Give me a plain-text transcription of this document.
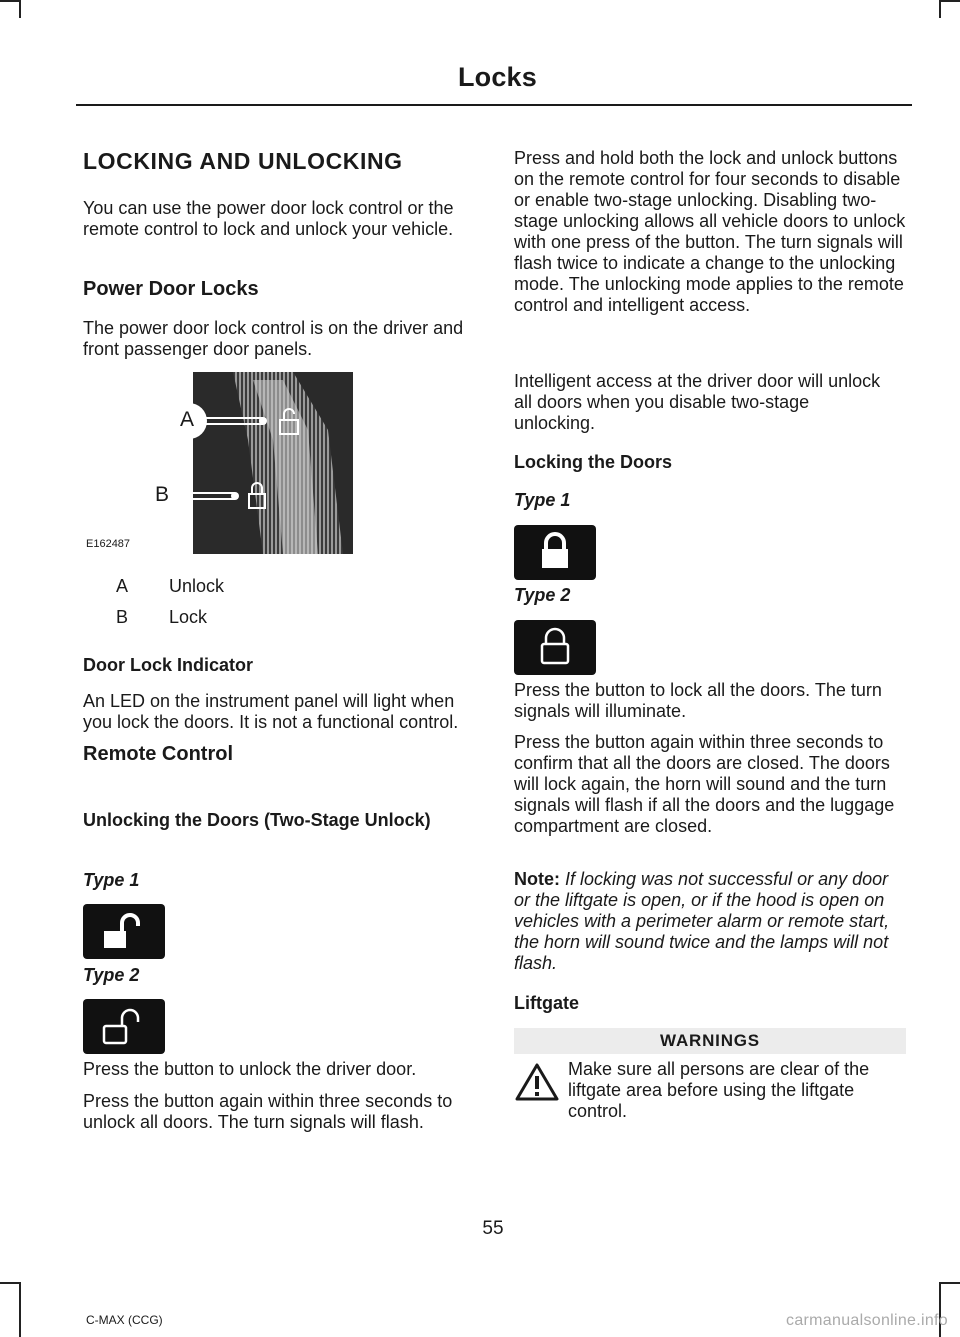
Locks
LOCKING AND UNLOCKING

You can use the power door lock control or the remote control to lock and unlock your vehicle.

Power Door Locks

The power door lock control is on the driver and front passenger door panels.

A
B
E162487
A Unlock
B Lock
Door Lock Indicator

An LED on the instrument panel will light when you lock the doors. It is not a functional control.

Remote Control
Unlocking the Doors (Two-Stage Unlock)
Type 1
Type 2

Press the button to unlock the driver door.

Press the button again within three seconds to unlock all doors. The turn signals will flash.

Press and hold both the lock and unlock buttons on the remote control for four seconds to disable or enable two-stage unlocking. Disabling two-stage unlocking allows all vehicle doors to unlock with one press of the button. The turn signals will flash twice to indicate a change to the unlocking mode. The unlocking mode applies to the remote control and intelligent access.

Intelligent access at the driver door will unlock all doors when you disable two-stage unlocking.

Locking the Doors
Type 1
Type 2

Press the button to lock all the doors. The turn signals will illuminate.

Press the button again within three seconds to confirm that all the doors are closed. The doors will lock again, the horn will sound and the turn signals will flash if all the doors and the luggage compartment are closed.

Note: If locking was not successful or any door or the liftgate is open, or if the hood is open on vehicles with a perimeter alarm or remote start, the horn will sound twice and the lamps will not flash.

Liftgate
WARNINGS

Make sure all persons are clear of the liftgate area before using the liftgate control.

55
C-MAX (CCG)	carmanualsonline.info
